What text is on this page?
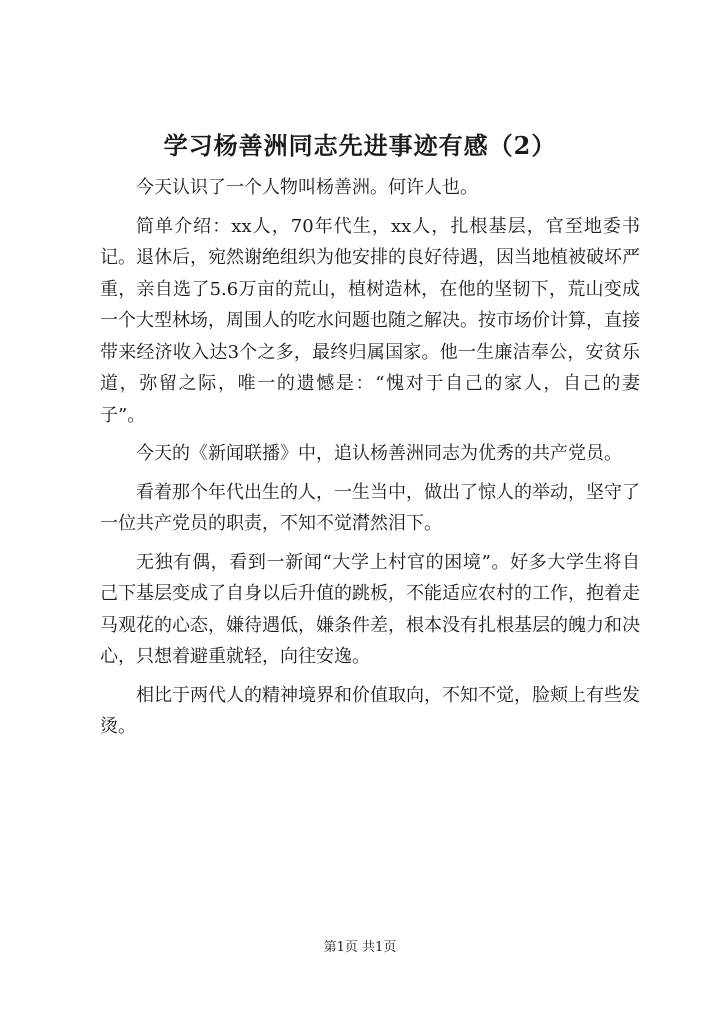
学习杨善洲同志先进事迹有感（2）

今天认识了一个人物叫杨善洲。何许人也。

简单介绍：xx人，70年代生，xx人，扎根基层，官至地委书记。退休后，宛然谢绝组织为他安排的良好待遇，因当地植被破坏严重，亲自选了5.6万亩的荒山，植树造林，在他的坚韧下，荒山变成一个大型林场，周围人的吃水问题也随之解决。按市场价计算，直接带来经济收入达3个之多，最终归属国家。他一生廉洁奉公，安贫乐道，弥留之际，唯一的遗憾是：“愧对于自己的家人，自己的妻子”。

今天的《新闻联播》中，追认杨善洲同志为优秀的共产党员。

看着那个年代出生的人，一生当中，做出了惊人的举动，坚守了一位共产党员的职责，不知不觉潸然泪下。

无独有偶，看到一新闻“大学上村官的困境”。好多大学生将自己下基层变成了自身以后升值的跳板，不能适应农村的工作，抱着走马观花的心态，嫌待遇低，嫌条件差，根本没有扎根基层的魄力和决心，只想着避重就轻，向往安逸。

相比于两代人的精神境界和价值取向，不知不觉，脸颊上有些发烫。

第1页 共1页
